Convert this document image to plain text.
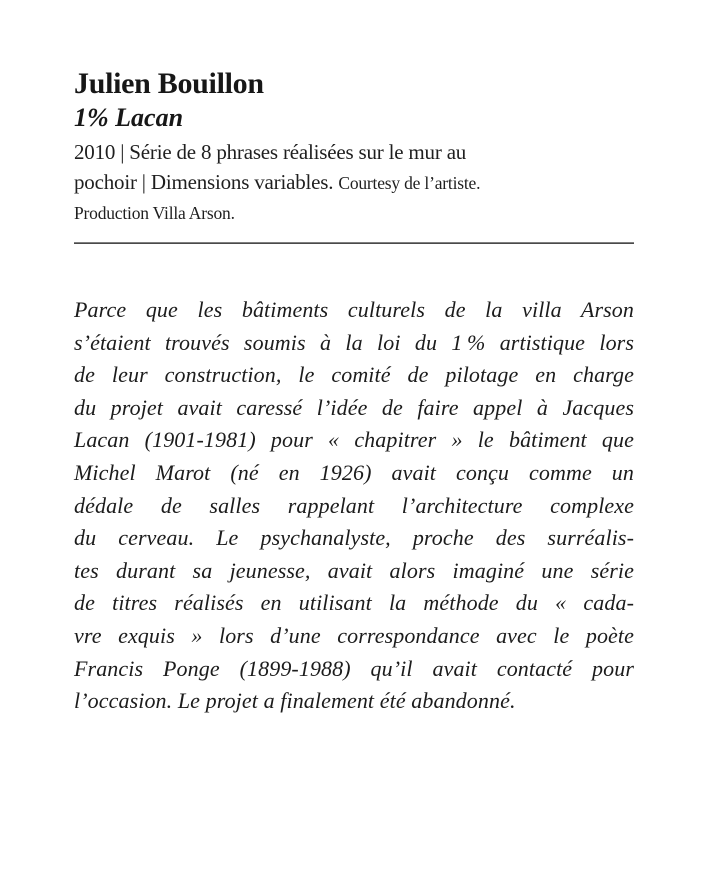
Julien Bouillon
1% Lacan
2010 | Série de 8 phrases réalisées sur le mur au
pochoir | Dimensions variables. Courtesy de l’artiste.
Production Villa Arson.
Parce que les bâtiments culturels de la villa Arson
s’étaient trouvés soumis à la loi du 1 % artistique lors
de leur construction, le comité de pilotage en charge
du projet avait caressé l’idée de faire appel à Jacques
Lacan (1901-1981) pour « chapitrer » le bâtiment que
Michel Marot (né en 1926) avait conçu comme un
dédale de salles rappelant l’architecture complexe
du cerveau. Le psychanalyste, proche des surréalis-
tes durant sa jeunesse, avait alors imaginé une série
de titres réalisés en utilisant la méthode du « cada-
vre exquis » lors d’une correspondance avec le poète
Francis Ponge (1899-1988) qu’il avait contacté pour
l’occasion. Le projet a finalement été abandonné.
